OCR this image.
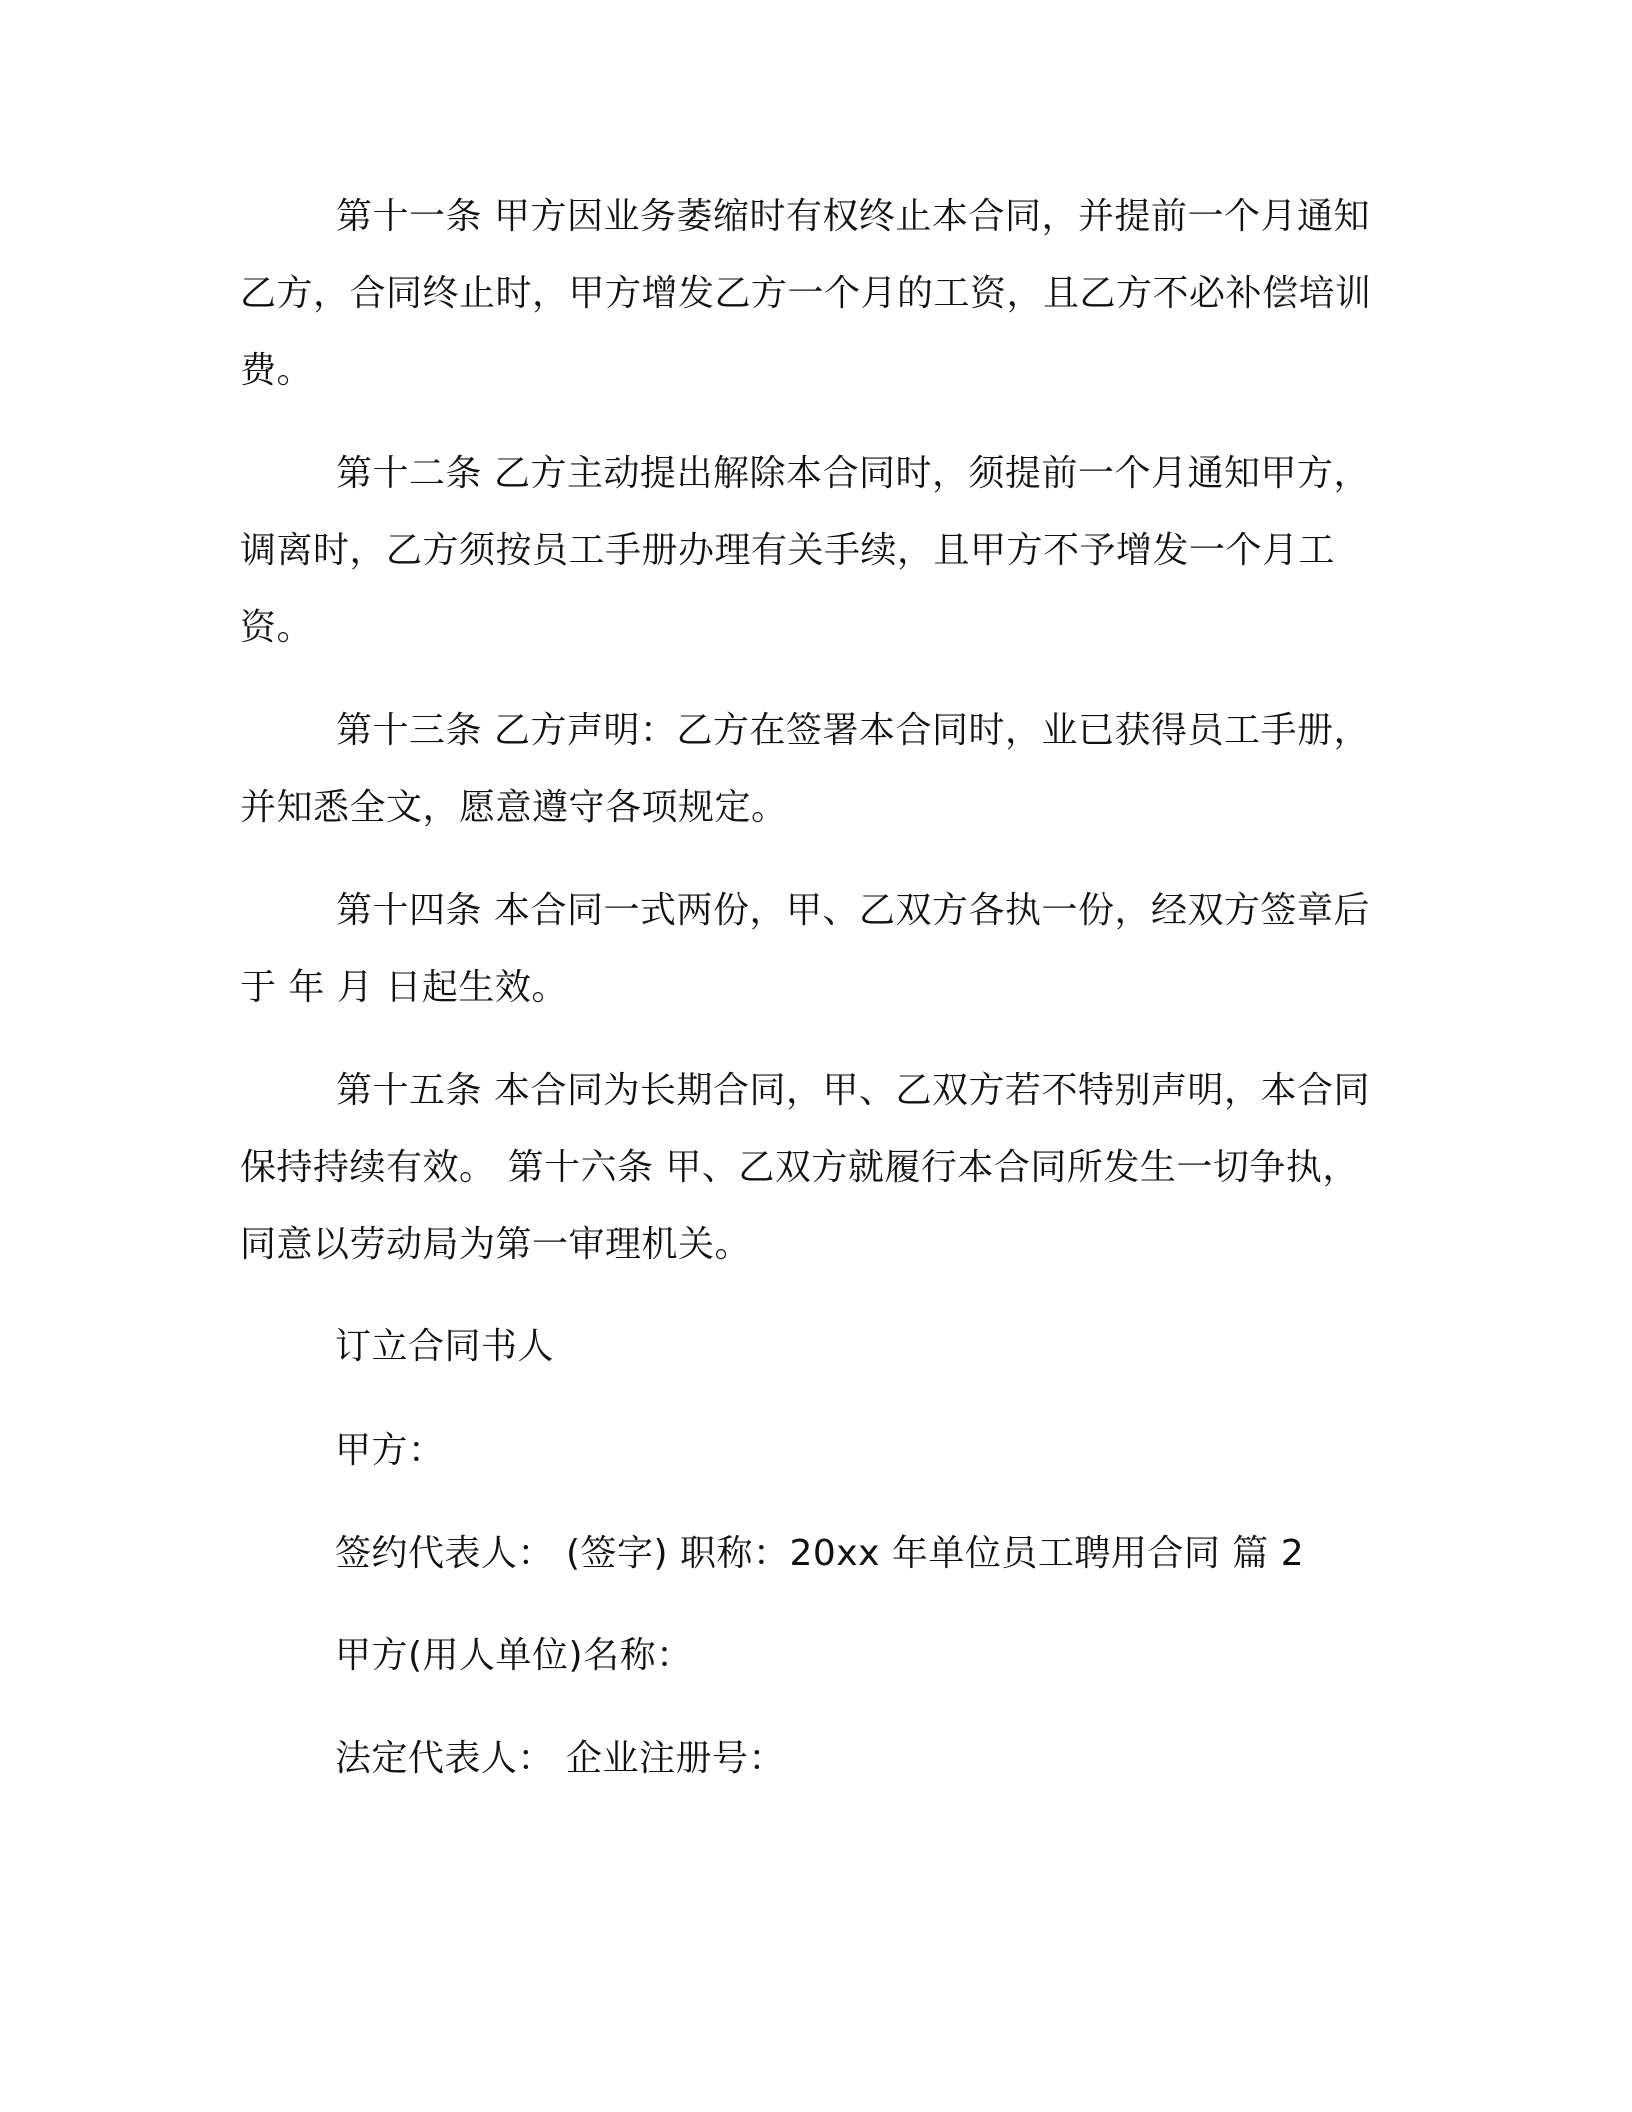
第十一条 甲方因业务萎缩时有权终止本合同，并提前一个月通知乙方，合同终止时，甲方增发乙方一个月的工资，且乙方不必补偿培训费。

第十二条 乙方主动提出解除本合同时，须提前一个月通知甲方，调离时，乙方须按员工手册办理有关手续，且甲方不予增发一个月工资。

第十三条 乙方声明：乙方在签署本合同时，业已获得员工手册，并知悉全文，愿意遵守各项规定。

第十四条 本合同一式两份，甲、乙双方各执一份，经双方签章后于 年 月 日起生效。

第十五条 本合同为长期合同，甲、乙双方若不特别声明，本合同保持持续有效。 第十六条 甲、乙双方就履行本合同所发生一切争执，同意以劳动局为第一审理机关。

订立合同书人

甲方：

签约代表人： (签字) 职称：20xx 年单位员工聘用合同 篇 2

甲方(用人单位)名称：

法定代表人： 企业注册号：
